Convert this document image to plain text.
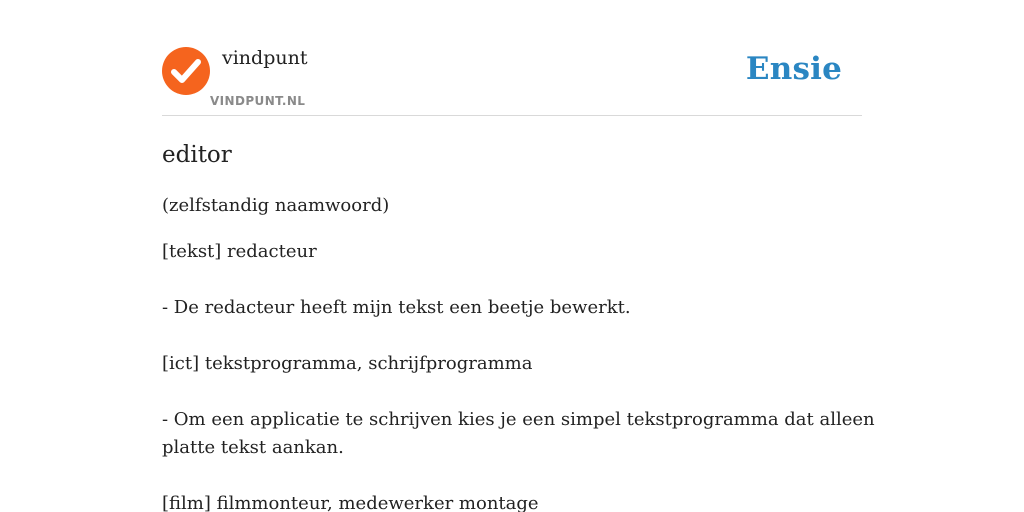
vindpunt
VINDPUNT.NL
Ensie
editor
(zelfstandig naamwoord)
[tekst] redacteur
- De redacteur heeft mijn tekst een beetje bewerkt.
[ict] tekstprogramma, schrijfprogramma
- Om een applicatie te schrijven kies je een simpel tekstprogramma dat alleen
platte tekst aankan.
[film] filmmonteur, medewerker montage
